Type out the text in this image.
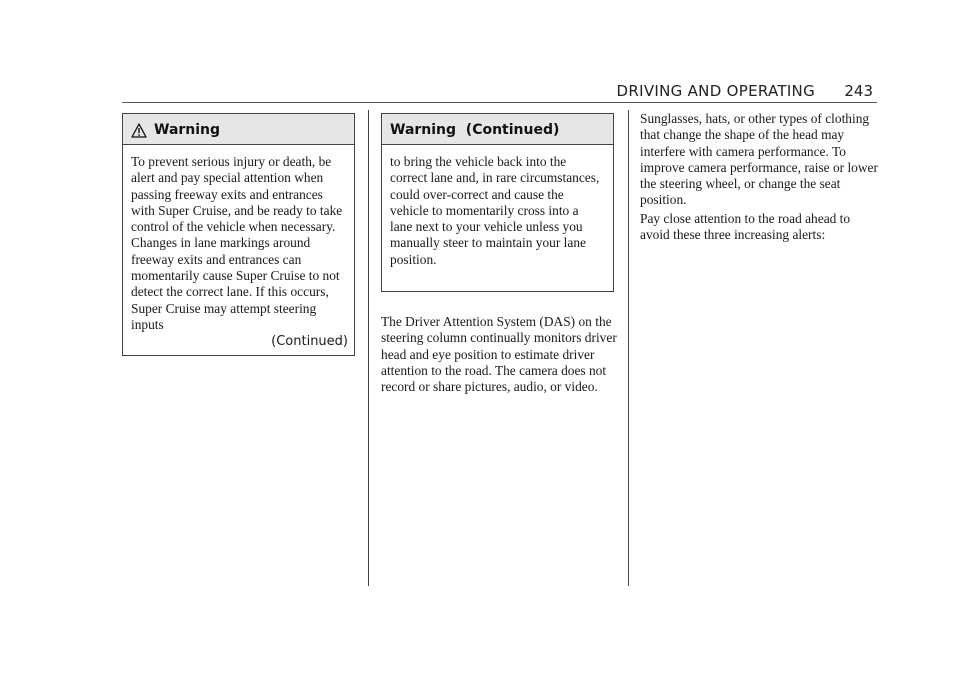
DRIVING AND OPERATING 243
Warning
To prevent serious injury or death, be alert and pay special attention when passing freeway exits and entrances with Super Cruise, and be ready to take control of the vehicle when necessary. Changes in lane markings around freeway exits and entrances can momentarily cause Super Cruise to not detect the correct lane. If this occurs, Super Cruise may attempt steering inputs
(Continued)
Warning  (Continued)
to bring the vehicle back into the correct lane and, in rare circumstances, could over-correct and cause the vehicle to momentarily cross into a lane next to your vehicle unless you manually steer to maintain your lane position.

The Driver Attention System (DAS) on the steering column continually monitors driver head and eye position to estimate driver attention to the road. The camera does not record or share pictures, audio, or video.

Sunglasses, hats, or other types of clothing that change the shape of the head may interfere with camera performance. To improve camera performance, raise or lower the steering wheel, or change the seat position.

Pay close attention to the road ahead to avoid these three increasing alerts:
